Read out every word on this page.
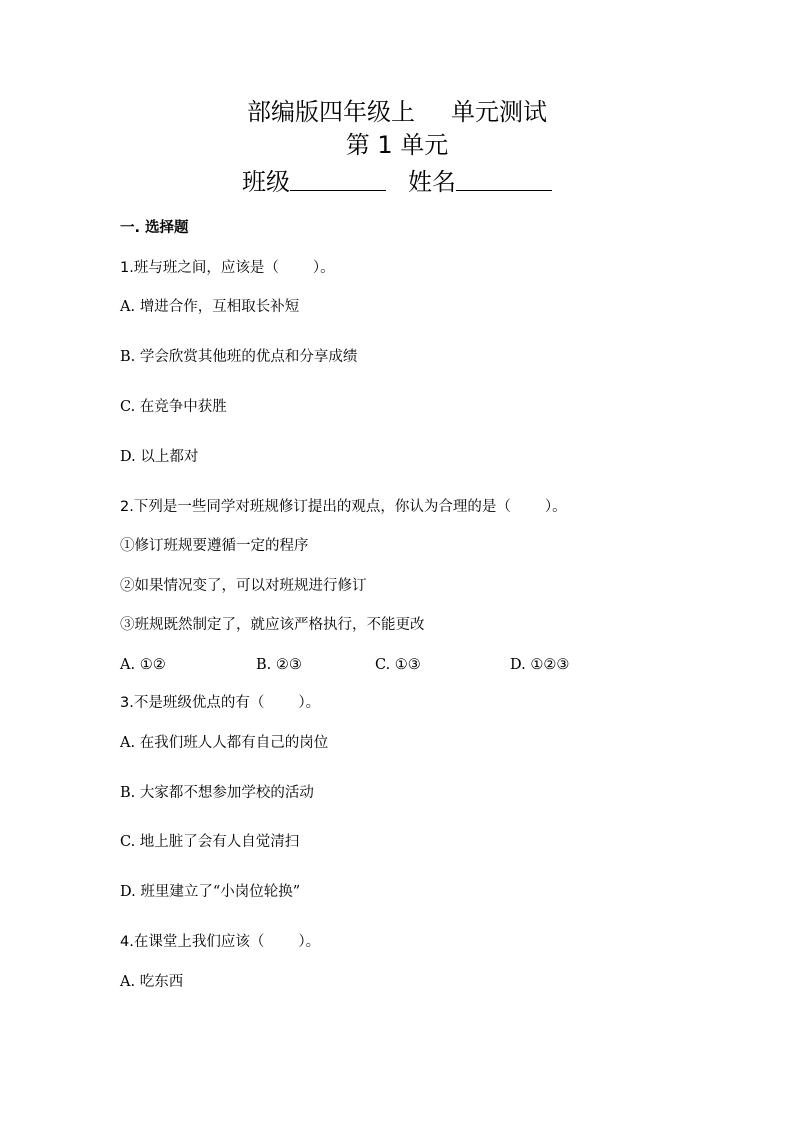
部编版四年级上 单元测试
第 1 单元
班级	姓名
一. 选择题
1.班与班之间，应该是（ ）。
A. 增进合作，互相取长补短
B. 学会欣赏其他班的优点和分享成绩
C. 在竞争中获胜
D. 以上都对
2.下列是一些同学对班规修订提出的观点，你认为合理的是（ ）。
①修订班规要遵循一定的程序
②如果情况变了，可以对班规进行修订
③班规既然制定了，就应该严格执行，不能更改

A. ①②

	B. ②③

	C. ①③

	D. ①②③

3.不是班级优点的有（ ）。
A. 在我们班人人都有自己的岗位
B. 大家都不想参加学校的活动
C. 地上脏了会有人自觉清扫
D. 班里建立了“小岗位轮换”
4.在课堂上我们应该（ ）。
A. 吃东西
